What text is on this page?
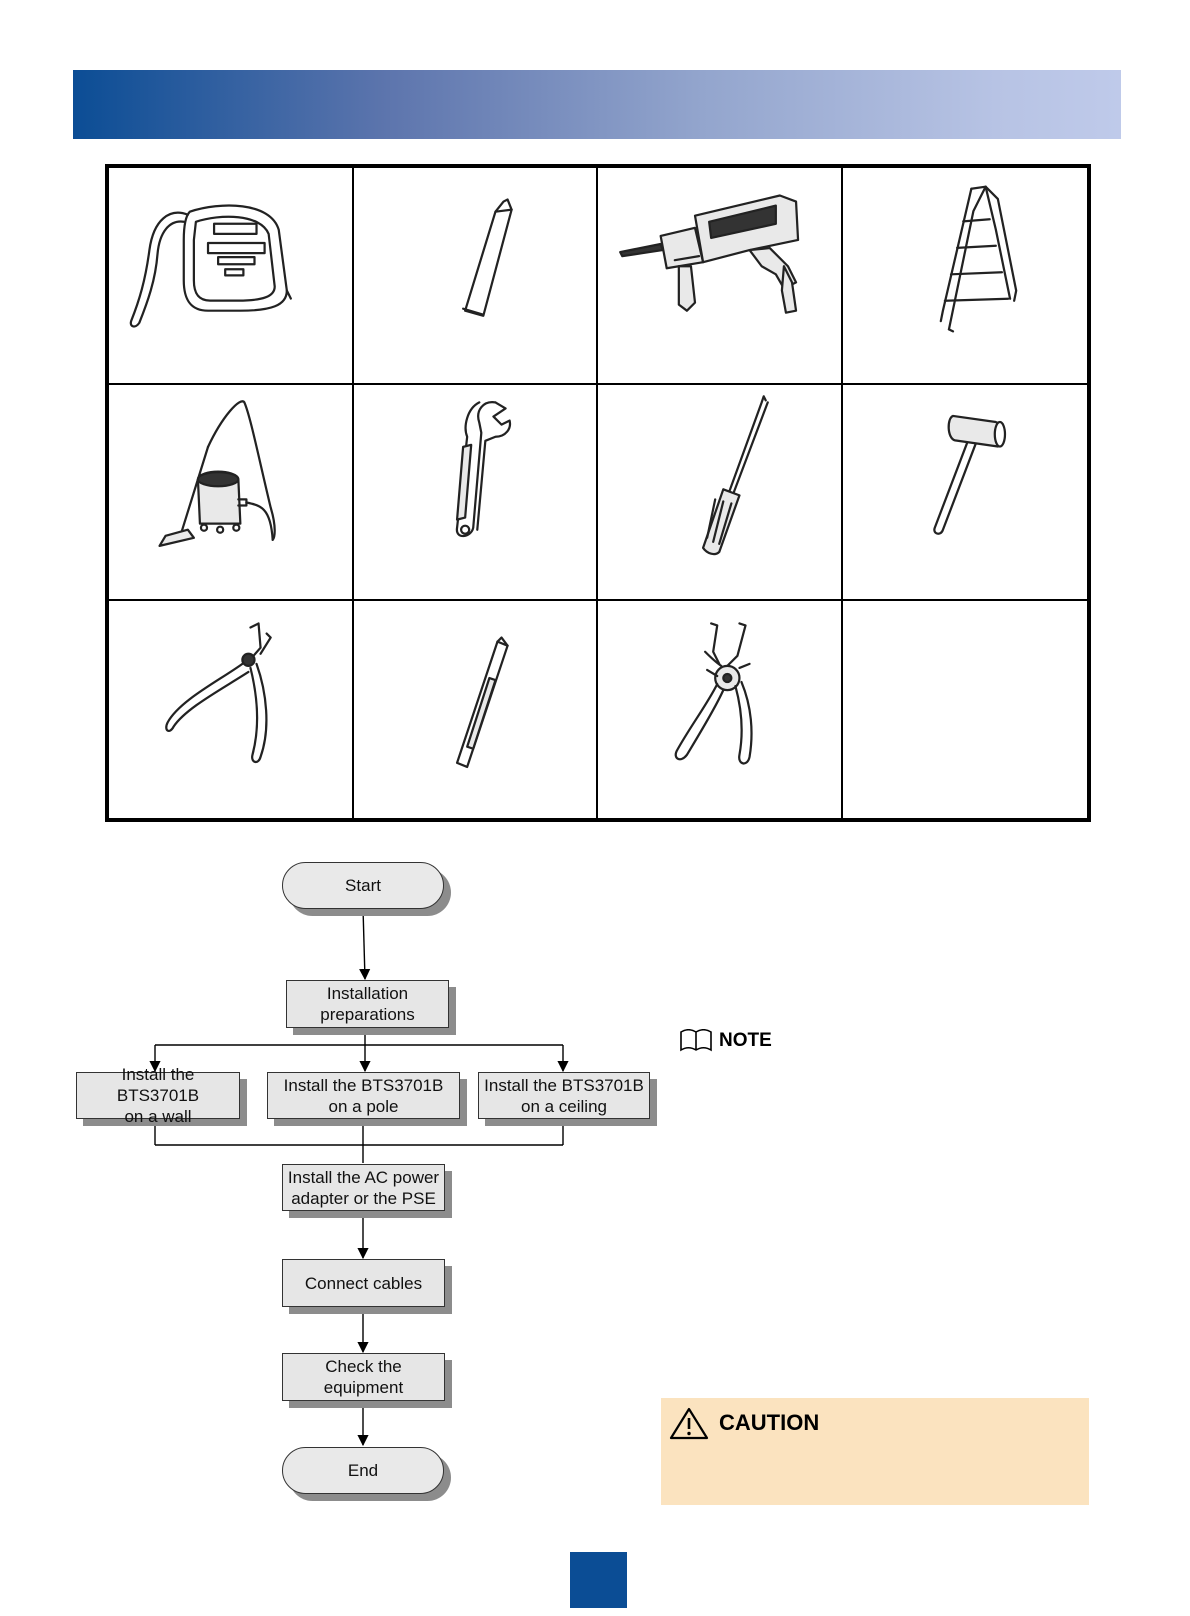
Start
Installation
preparations
Install the BTS3701B
on a wall
Install the BTS3701B
on a pole
Install the BTS3701B
on a ceiling
Install the AC power
adapter or the PSE
Connect cables
Check the equipment
End
NOTE
CAUTION
